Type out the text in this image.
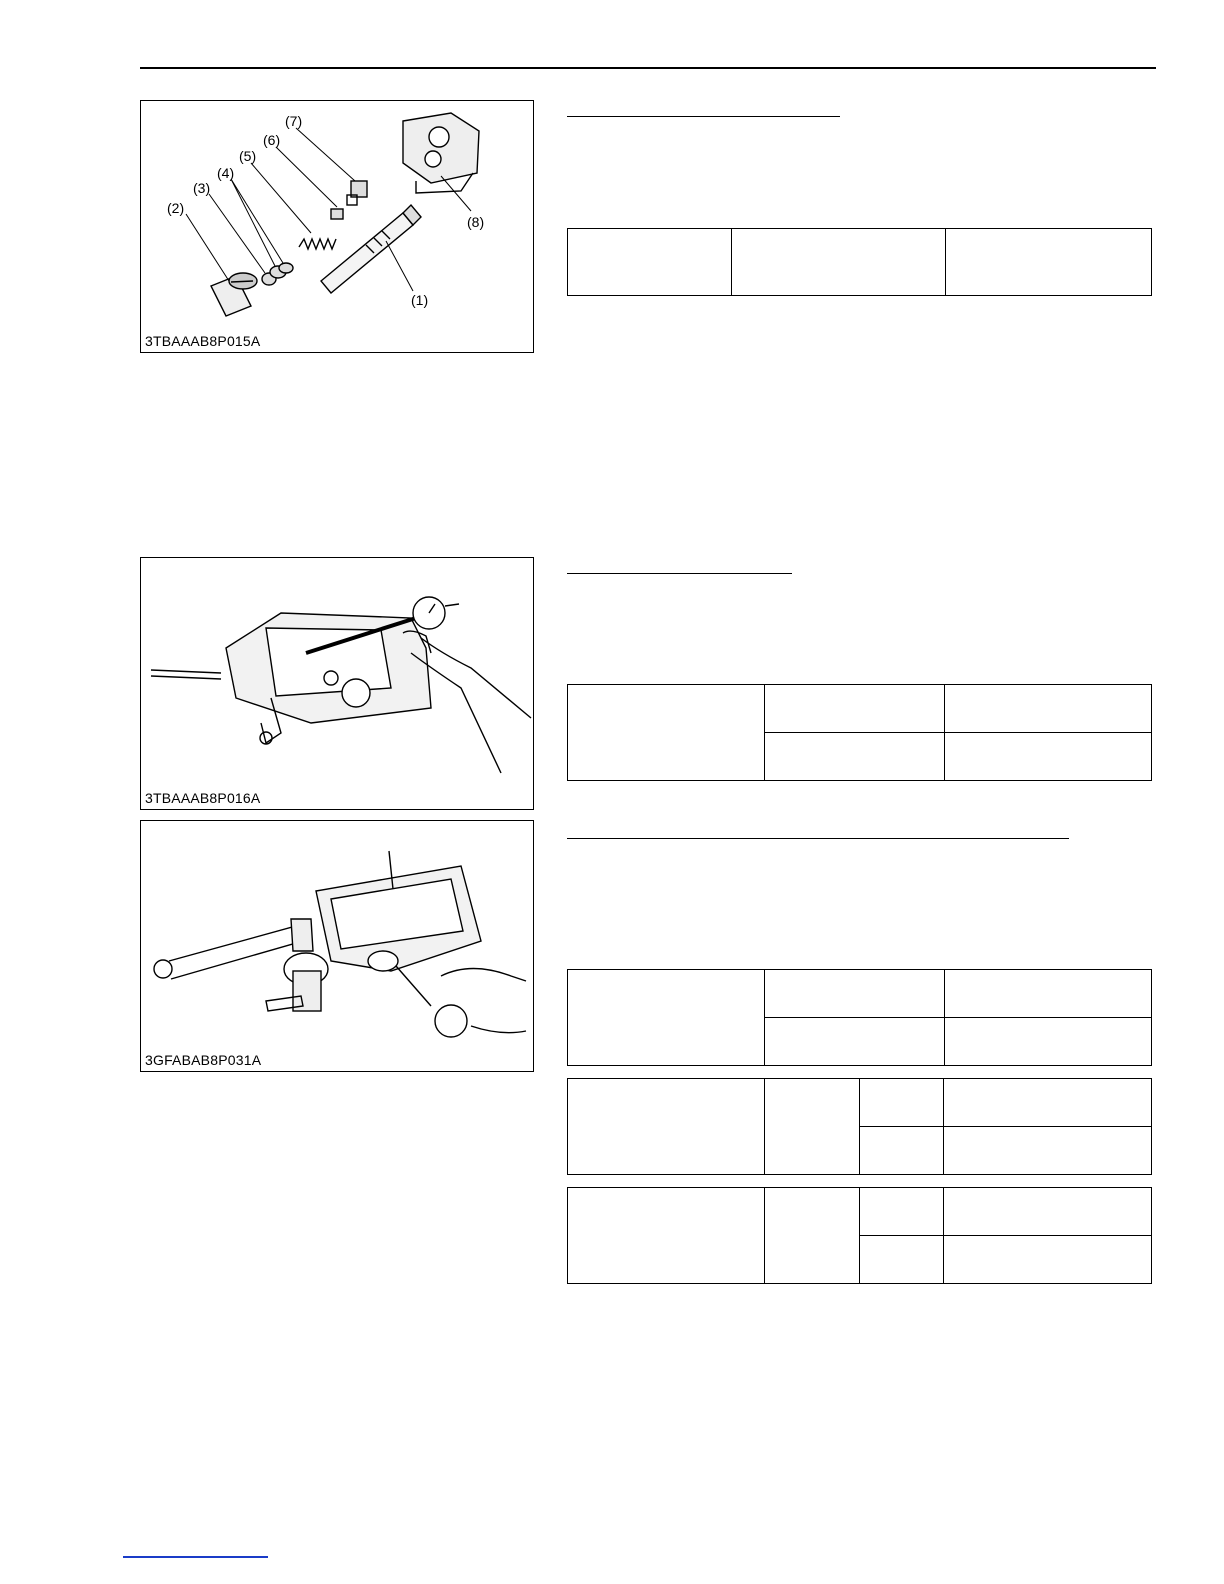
(1)
(2)
(3)
(4)
(5)
(6)
(7)
(8)
3TBAAAB8P015A
3TBAAAB8P016A
3GFABAB8P031A
